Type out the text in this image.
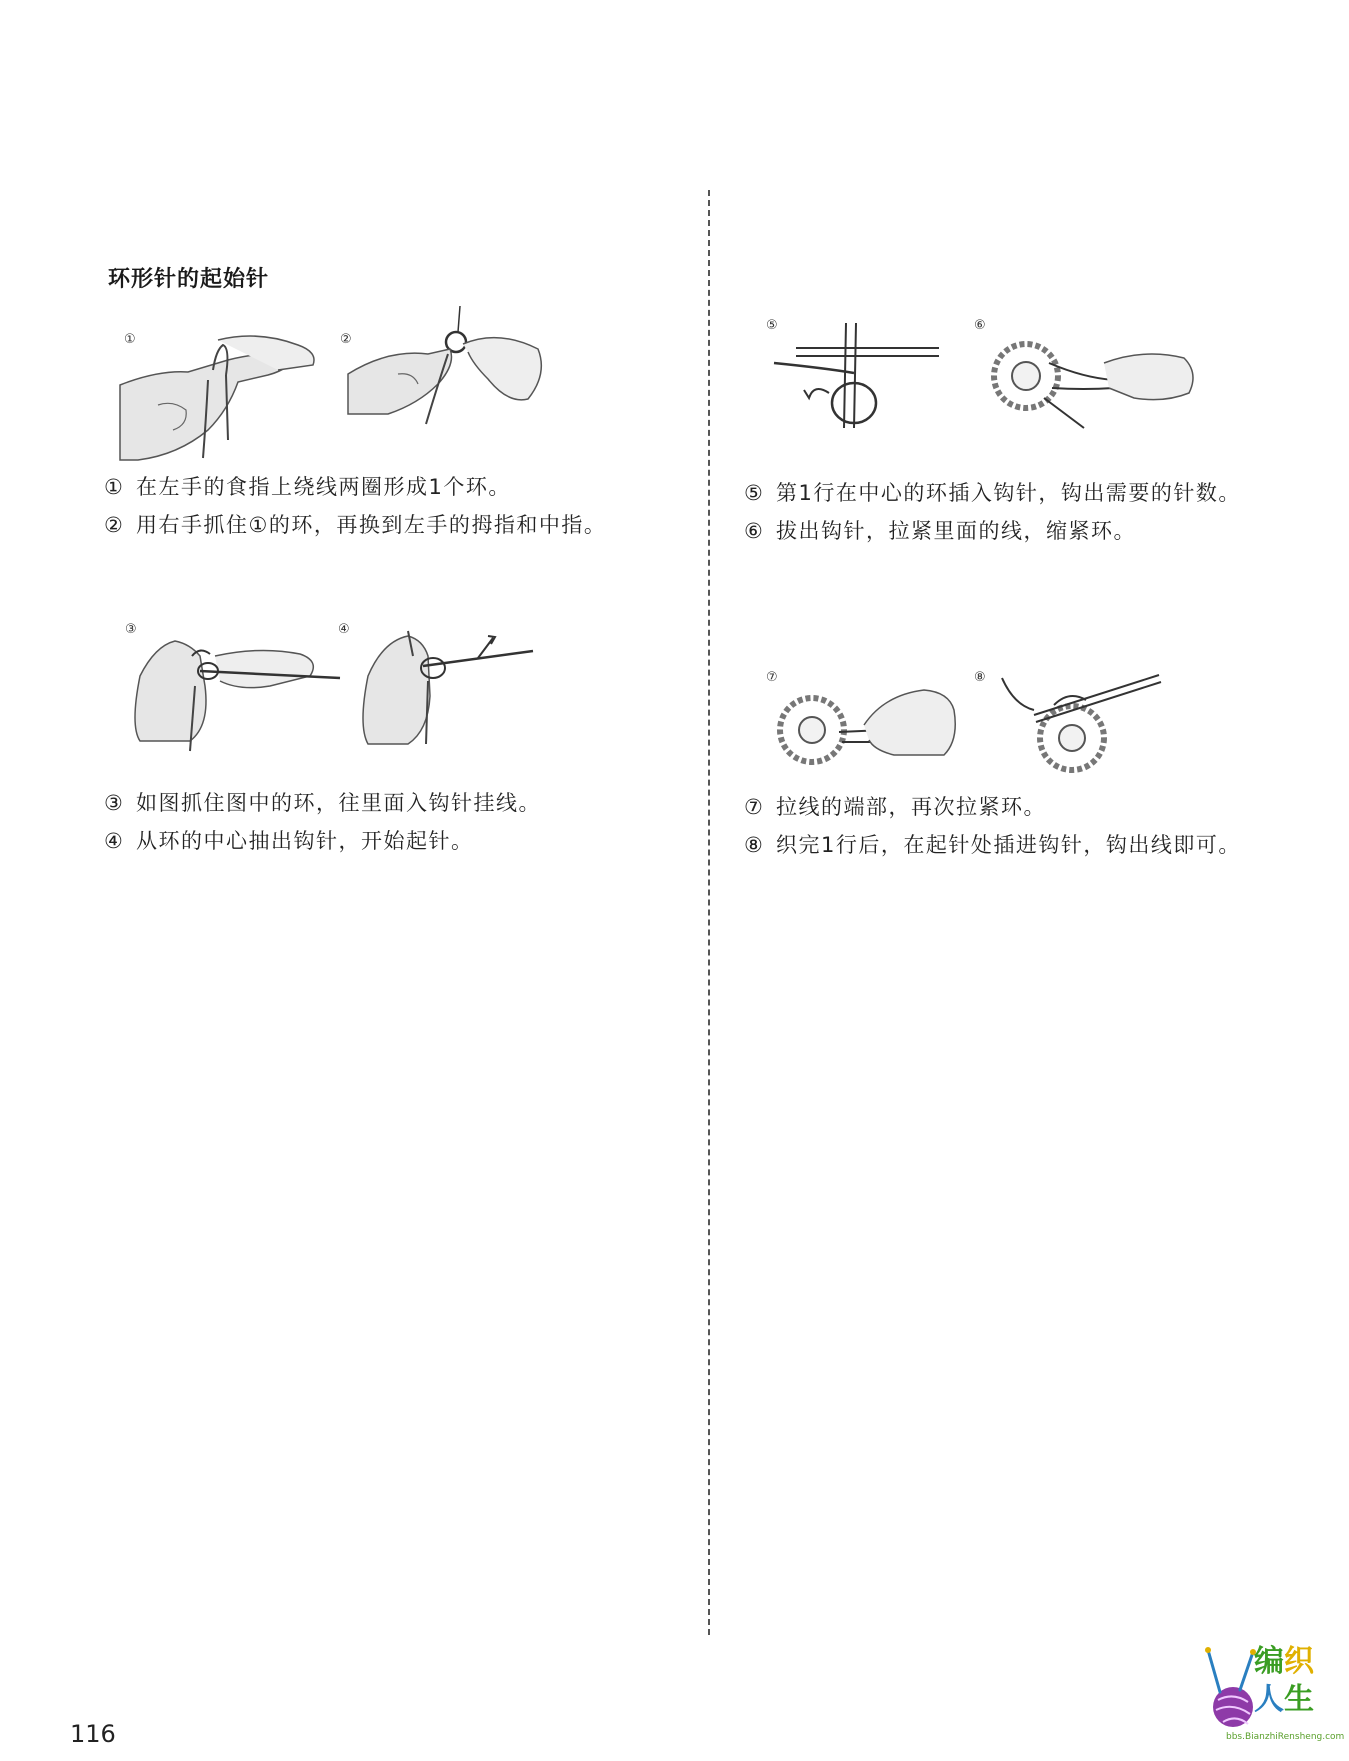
环形针的起始针
①	②
③	④
⑤	⑥
⑦	⑧
① 在左手的食指上绕线两圈形成1个环。
② 用右手抓住①的环，再换到左手的拇指和中指。
③ 如图抓住图中的环，往里面入钩针挂线。
④ 从环的中心抽出钩针，开始起针。
⑤ 第1行在中心的环插入钩针，钩出需要的针数。
⑥ 拔出钩针，拉紧里面的线，缩紧环。
⑦ 拉线的端部，再次拉紧环。
⑧ 织完1行后，在起针处插进钩针，钩出线即可。
116
编织
人生
bbs.BianzhiRensheng.com
